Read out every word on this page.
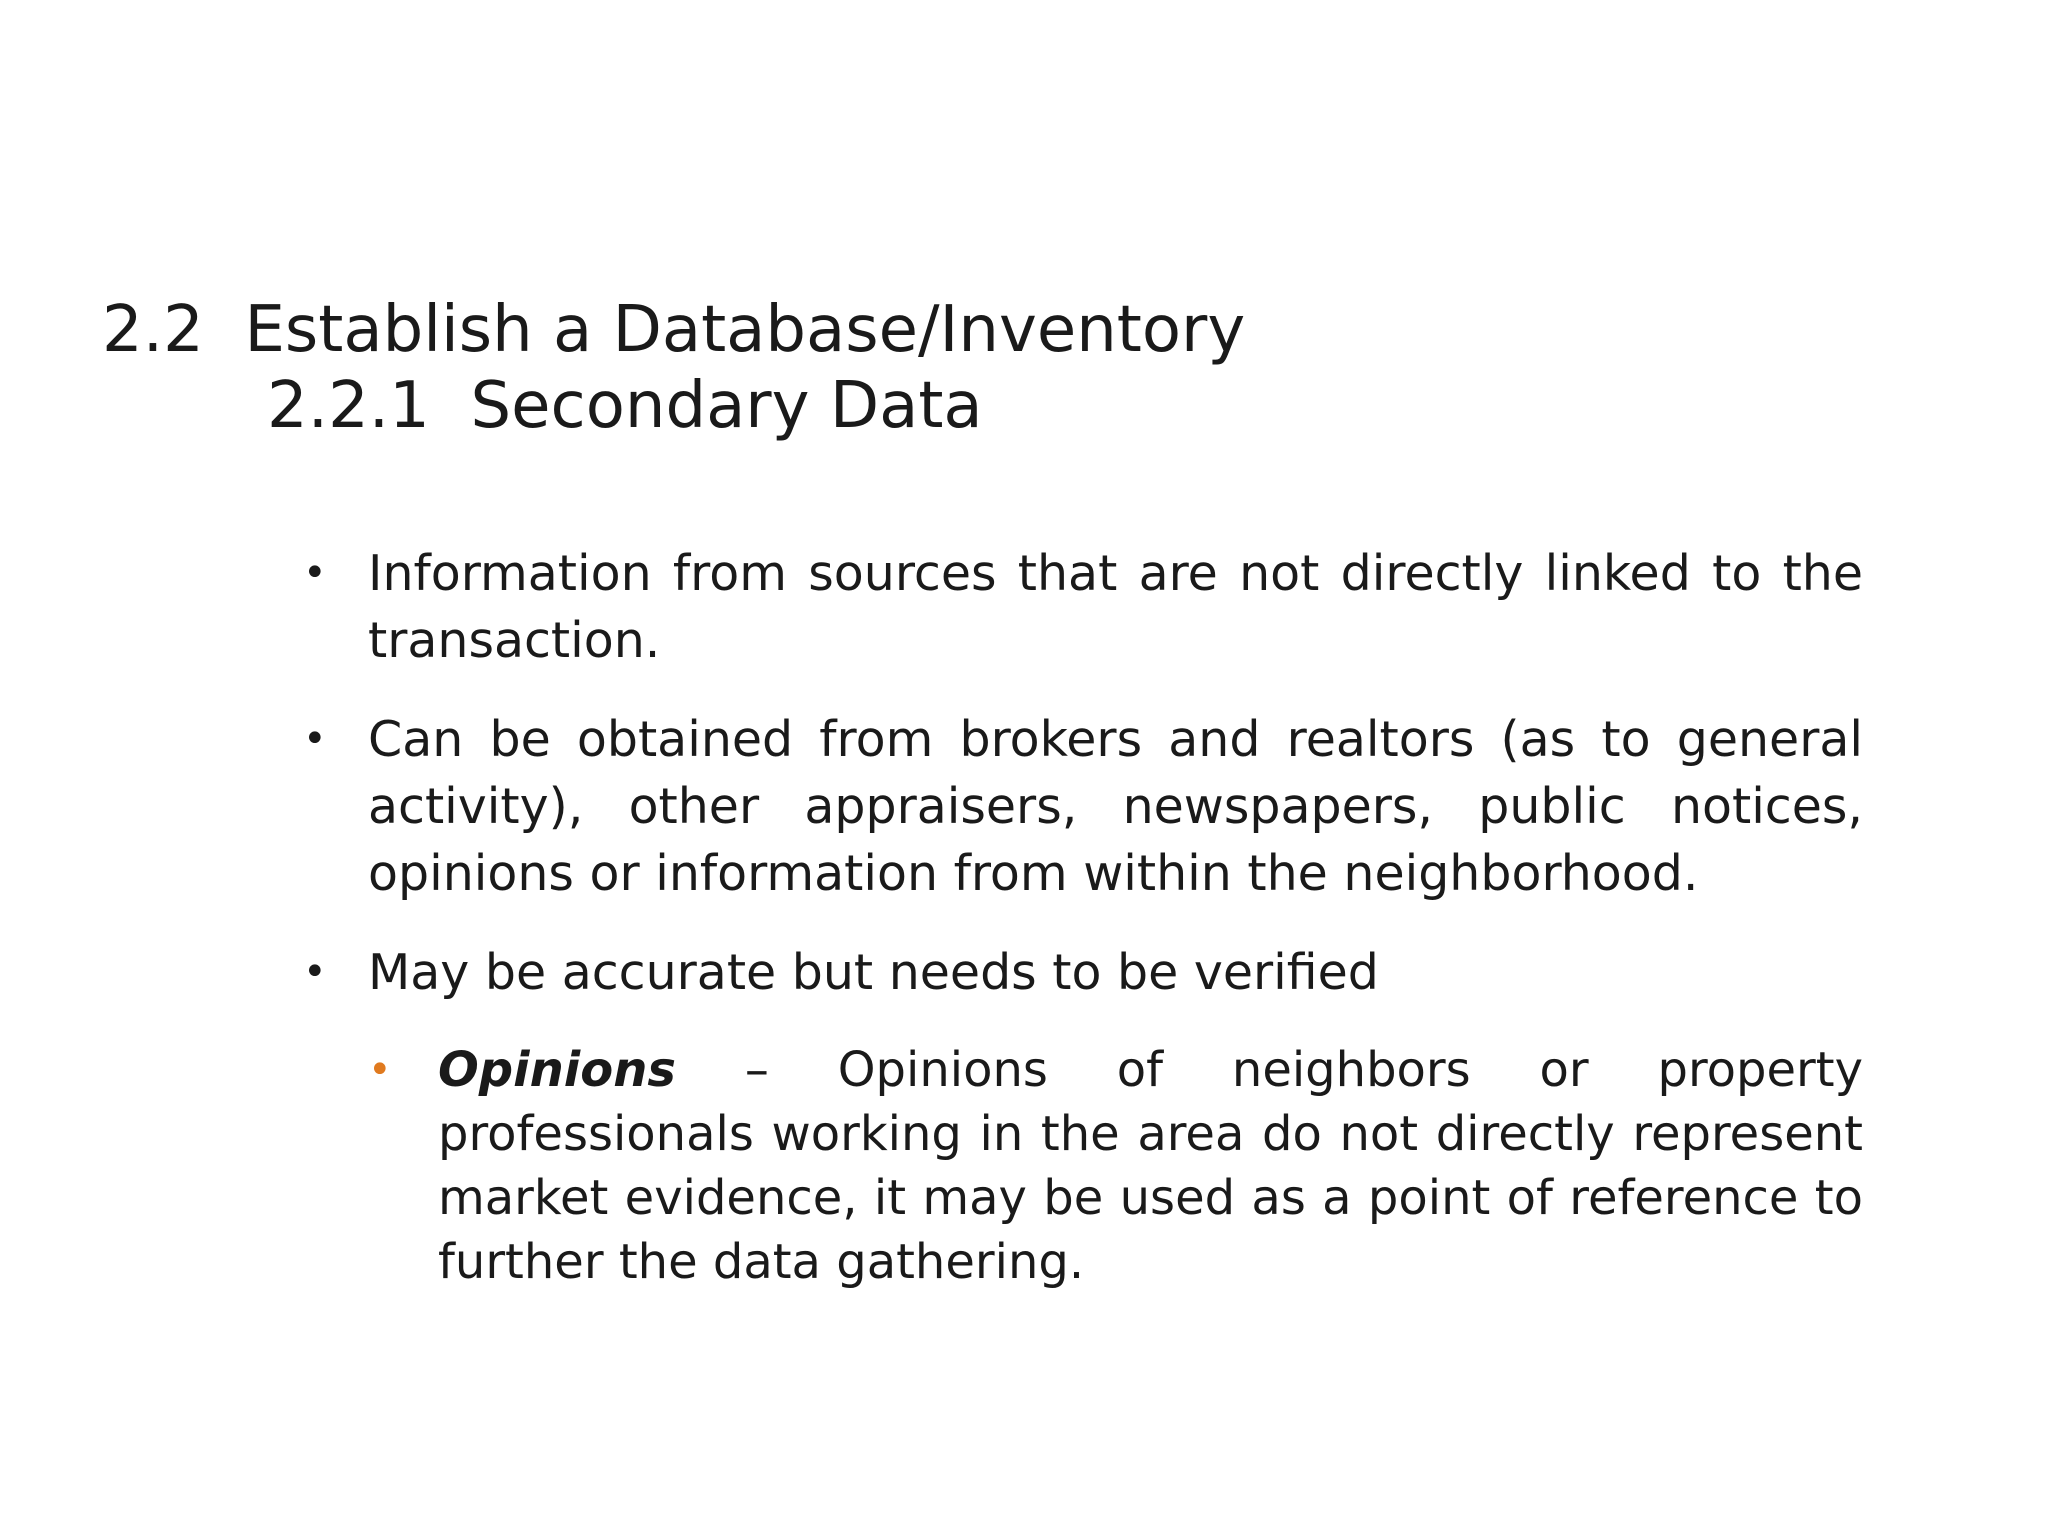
2.2  Establish a Database/Inventory
2.2.1  Secondary Data

• Information from sources that are not directly linked to the transaction.

• Can be obtained from brokers and realtors (as to general activity), other appraisers, newspapers, public notices, opinions or information from within the neighborhood.

• May be accurate but needs to be verified

• Opinions – Opinions of neighbors or property professionals working in the area do not directly represent market evidence, it may be used as a point of reference to further the data gathering.
